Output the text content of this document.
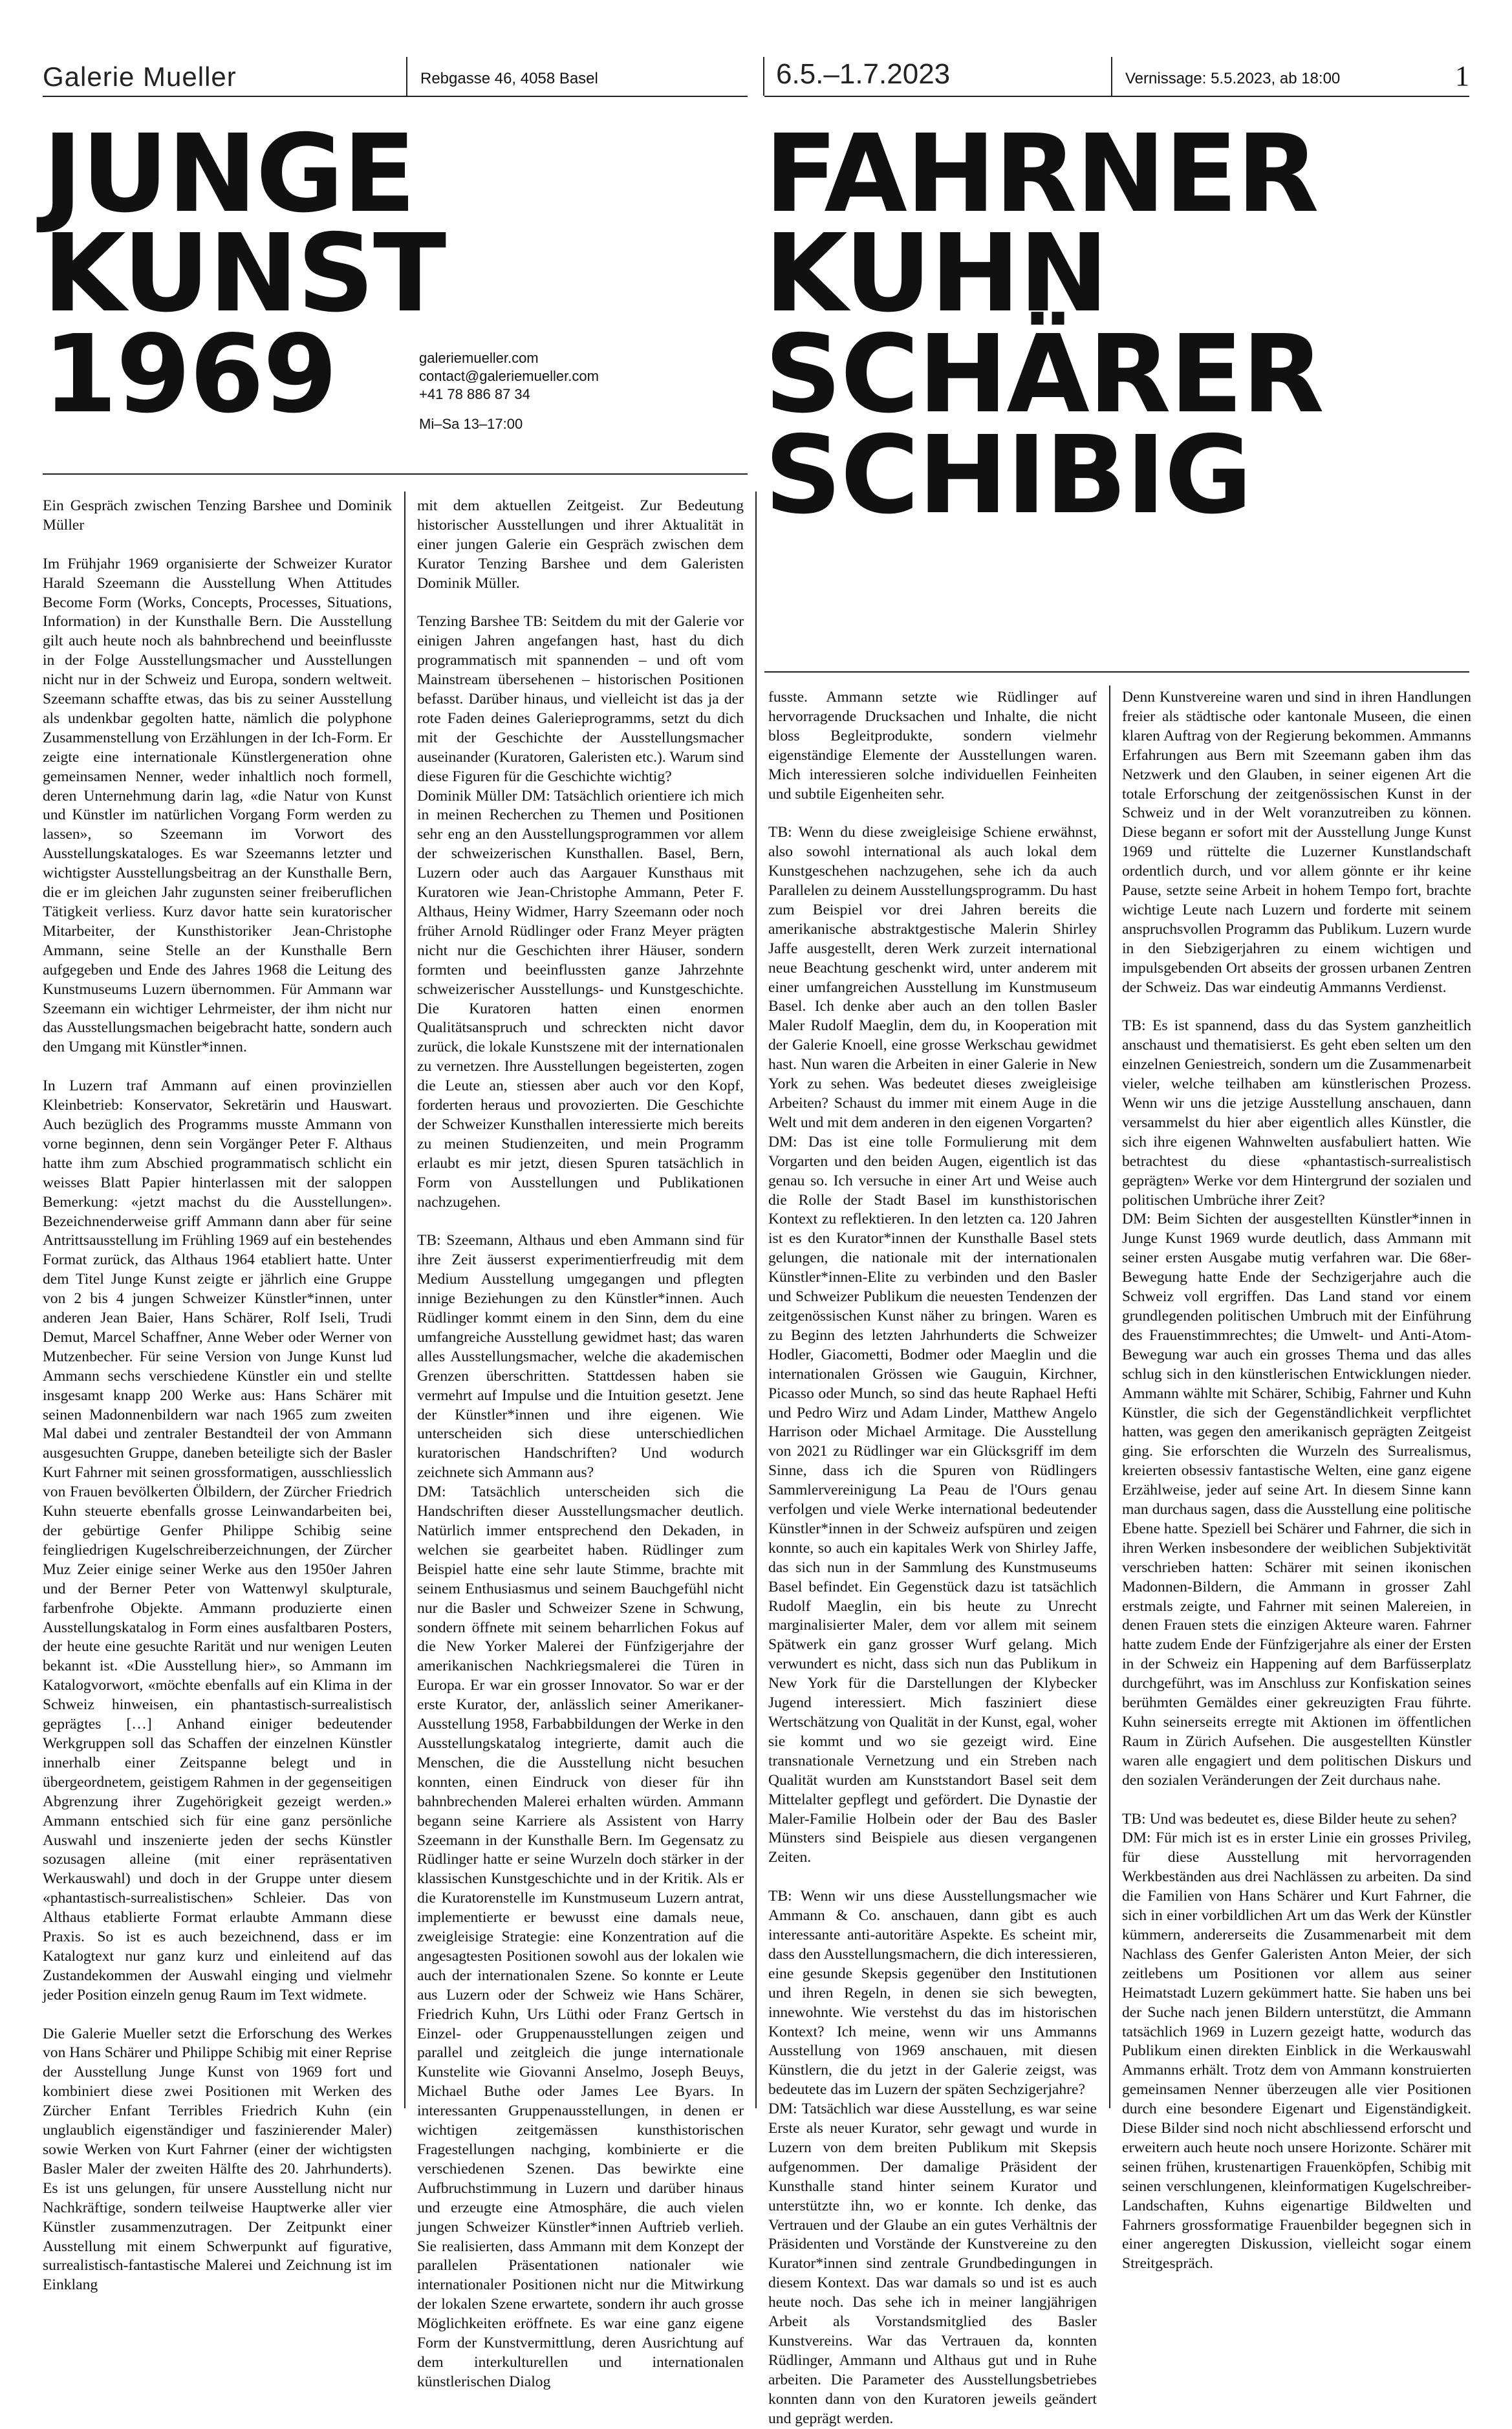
Galerie Mueller	Rebgasse 46, 4058 Basel	6.5.–1.7.2023	Vernissage: 5.5.2023, ab 18:00	1
JUNGE
KUNST
1969	galeriemueller.com
contact@galeriemueller.com
+41 78 886 87 34
Mi–Sa 13–17:00
FAHRNER
KUHN
SCHÄRER
SCHIBIG

Ein Gespräch zwischen Tenzing Barshee und Dominik Müller

Im Frühjahr 1969 organisierte der Schweizer Kurator Harald Szeemann die Ausstellung When Attitudes Become Form (Works, Concepts, Processes, Situations, Information) in der Kunsthalle Bern. Die Ausstellung gilt auch heute noch als bahnbrechend und beeinflusste in der Folge Ausstellungsmacher und Ausstellungen nicht nur in der Schweiz und Europa, sondern weltweit. Szeemann schaffte etwas, das bis zu seiner Ausstellung als undenkbar gegolten hatte, nämlich die polyphone Zusammenstellung von Erzählungen in der Ich-Form. Er zeigte eine internationale Künstlergeneration ohne gemeinsamen Nenner, weder inhaltlich noch formell, deren Unternehmung darin lag, «die Natur von Kunst und Künstler im natürlichen Vorgang Form werden zu lassen», so Szeemann im Vorwort des Ausstellungskataloges. Es war Szeemanns letzter und wichtigster Ausstellungsbeitrag an der Kunsthalle Bern, die er im gleichen Jahr zugunsten seiner freiberuflichen Tätigkeit verliess. Kurz davor hatte sein kuratorischer Mitarbeiter, der Kunsthistoriker Jean-Christophe Ammann, seine Stelle an der Kunsthalle Bern aufgegeben und Ende des Jahres 1968 die Leitung des Kunstmuseums Luzern übernommen. Für Ammann war Szeemann ein wichtiger Lehrmeister, der ihm nicht nur das Ausstellungsmachen beigebracht hatte, sondern auch den Umgang mit Künstler*innen.

In Luzern traf Ammann auf einen provinziellen Kleinbetrieb: Konservator, Sekretärin und Hauswart. Auch bezüglich des Programms musste Ammann von vorne beginnen, denn sein Vorgänger Peter F. Althaus hatte ihm zum Abschied programmatisch schlicht ein weisses Blatt Papier hinterlassen mit der saloppen Bemerkung: «jetzt machst du die Ausstellungen». Bezeichnenderweise griff Ammann dann aber für seine Antrittsausstellung im Frühling 1969 auf ein bestehendes Format zurück, das Althaus 1964 etabliert hatte. Unter dem Titel Junge Kunst zeigte er jährlich eine Gruppe von 2 bis 4 jungen Schweizer Künstler*innen, unter anderen Jean Baier, Hans Schärer, Rolf Iseli, Trudi Demut, Marcel Schaffner, Anne Weber oder Werner von Mutzenbecher. Für seine Version von Junge Kunst lud Ammann sechs verschiedene Künstler ein und stellte insgesamt knapp 200 Werke aus: Hans Schärer mit seinen Madonnenbildern war nach 1965 zum zweiten Mal dabei und zentraler Bestandteil der von Ammann ausgesuchten Gruppe, daneben beteiligte sich der Basler Kurt Fahrner mit seinen grossformatigen, ausschliesslich von Frauen bevölkerten Ölbildern, der Zürcher Friedrich Kuhn steuerte ebenfalls grosse Leinwandarbeiten bei, der gebürtige Genfer Philippe Schibig seine feingliedrigen Kugelschreiberzeichnungen, der Zürcher Muz Zeier einige seiner Werke aus den 1950er Jahren und der Berner Peter von Wattenwyl skulpturale, farbenfrohe Objekte. Ammann produzierte einen Ausstellungskatalog in Form eines ausfaltbaren Posters, der heute eine gesuchte Rarität und nur wenigen Leuten bekannt ist. «Die Ausstellung hier», so Ammann im Katalogvorwort, «möchte ebenfalls auf ein Klima in der Schweiz hinweisen, ein phantastisch-surrealistisch geprägtes […] Anhand einiger bedeutender Werkgruppen soll das Schaffen der einzelnen Künstler innerhalb einer Zeitspanne belegt und in übergeordnetem, geistigem Rahmen in der gegenseitigen Abgrenzung ihrer Zugehörigkeit gezeigt werden.» Ammann entschied sich für eine ganz persönliche Auswahl und inszenierte jeden der sechs Künstler sozusagen alleine (mit einer repräsentativen Werkauswahl) und doch in der Gruppe unter diesem «phantastisch-surrealistischen» Schleier. Das von Althaus etablierte Format erlaubte Ammann diese Praxis. So ist es auch bezeichnend, dass er im Katalogtext nur ganz kurz und einleitend auf das Zustandekommen der Auswahl einging und vielmehr jeder Position einzeln genug Raum im Text widmete.

Die Galerie Mueller setzt die Erforschung des Werkes von Hans Schärer und Philippe Schibig mit einer Reprise der Ausstellung Junge Kunst von 1969 fort und kombiniert diese zwei Positionen mit Werken des Zürcher Enfant Terribles Friedrich Kuhn (ein unglaublich eigenständiger und faszinierender Maler) sowie Werken von Kurt Fahrner (einer der wichtigsten Basler Maler der zweiten Hälfte des 20. Jahrhunderts). Es ist uns gelungen, für unsere Ausstellung nicht nur Nachkräftige, sondern teilweise Hauptwerke aller vier Künstler zusammenzutragen. Der Zeitpunkt einer Ausstellung mit einem Schwerpunkt auf figurative, surrealistisch-fantastische Malerei und Zeichnung ist im Einklang

mit dem aktuellen Zeitgeist. Zur Bedeutung historischer Ausstellungen und ihrer Aktualität in einer jungen Galerie ein Gespräch zwischen dem Kurator Tenzing Barshee und dem Galeristen Dominik Müller.

Tenzing Barshee TB: Seitdem du mit der Galerie vor einigen Jahren angefangen hast, hast du dich programmatisch mit spannenden – und oft vom Mainstream übersehenen – historischen Positionen befasst. Darüber hinaus, und vielleicht ist das ja der rote Faden deines Galerieprogramms, setzt du dich mit der Geschichte der Ausstellungsmacher auseinander (Kuratoren, Galeristen etc.). Warum sind diese Figuren für die Geschichte wichtig?

Dominik Müller DM: Tatsächlich orientiere ich mich in meinen Recherchen zu Themen und Positionen sehr eng an den Ausstellungsprogrammen vor allem der schweizerischen Kunsthallen. Basel, Bern, Luzern oder auch das Aargauer Kunsthaus mit Kuratoren wie Jean-Christophe Ammann, Peter F. Althaus, Heiny Widmer, Harry Szeemann oder noch früher Arnold Rüdlinger oder Franz Meyer prägten nicht nur die Geschichten ihrer Häuser, sondern formten und beeinflussten ganze Jahrzehnte schweizerischer Ausstellungs- und Kunstgeschichte. Die Kuratoren hatten einen enormen Qualitätsanspruch und schreckten nicht davor zurück, die lokale Kunstszene mit der internationalen zu vernetzen. Ihre Ausstellungen begeisterten, zogen die Leute an, stiessen aber auch vor den Kopf, forderten heraus und provozierten. Die Geschichte der Schweizer Kunsthallen interessierte mich bereits zu meinen Studienzeiten, und mein Programm erlaubt es mir jetzt, diesen Spuren tatsächlich in Form von Ausstellungen und Publikationen nachzugehen.

TB: Szeemann, Althaus und eben Ammann sind für ihre Zeit äusserst experimentierfreudig mit dem Medium Ausstellung umgegangen und pflegten innige Beziehungen zu den Künstler*innen. Auch Rüdlinger kommt einem in den Sinn, dem du eine umfangreiche Ausstellung gewidmet hast; das waren alles Ausstellungsmacher, welche die akademischen Grenzen überschritten. Stattdessen haben sie vermehrt auf Impulse und die Intuition gesetzt. Jene der Künstler*innen und ihre eigenen. Wie unterscheiden sich diese unterschiedlichen kuratorischen Handschriften? Und wodurch zeichnete sich Ammann aus?

DM: Tatsächlich unterscheiden sich die Handschriften dieser Ausstellungsmacher deutlich. Natürlich immer entsprechend den Dekaden, in welchen sie gearbeitet haben. Rüdlinger zum Beispiel hatte eine sehr laute Stimme, brachte mit seinem Enthusiasmus und seinem Bauchgefühl nicht nur die Basler und Schweizer Szene in Schwung, sondern öffnete mit seinem beharrlichen Fokus auf die New Yorker Malerei der Fünfzigerjahre der amerikanischen Nachkriegsmalerei die Türen in Europa. Er war ein grosser Innovator. So war er der erste Kurator, der, anlässlich seiner Amerikaner-Ausstellung 1958, Farbabbildungen der Werke in den Ausstellungskatalog integrierte, damit auch die Menschen, die die Ausstellung nicht besuchen konnten, einen Eindruck von dieser für ihn bahnbrechenden Malerei erhalten würden. Ammann begann seine Karriere als Assistent von Harry Szeemann in der Kunsthalle Bern. Im Gegensatz zu Rüdlinger hatte er seine Wurzeln doch stärker in der klassischen Kunstgeschichte und in der Kritik. Als er die Kuratorenstelle im Kunstmuseum Luzern antrat, implementierte er bewusst eine damals neue, zweigleisige Strategie: eine Konzentration auf die angesagtesten Positionen sowohl aus der lokalen wie auch der internationalen Szene. So konnte er Leute aus Luzern oder der Schweiz wie Hans Schärer, Friedrich Kuhn, Urs Lüthi oder Franz Gertsch in Einzel- oder Gruppenausstellungen zeigen und parallel und zeitgleich die junge internationale Kunstelite wie Giovanni Anselmo, Joseph Beuys, Michael Buthe oder James Lee Byars. In interessanten Gruppenausstellungen, in denen er wichtigen zeitgemässen kunsthistorischen Fragestellungen nachging, kombinierte er die verschiedenen Szenen. Das bewirkte eine Aufbruchstimmung in Luzern und darüber hinaus und erzeugte eine Atmosphäre, die auch vielen jungen Schweizer Künstler*innen Auftrieb verlieh. Sie realisierten, dass Ammann mit dem Konzept der parallelen Präsentationen nationaler wie internationaler Positionen nicht nur die Mitwirkung der lokalen Szene erwartete, sondern ihr auch grosse Möglichkeiten eröffnete. Es war eine ganz eigene Form der Kunstvermittlung, deren Ausrichtung auf dem interkulturellen und internationalen künstlerischen Dialog

fusste. Ammann setzte wie Rüdlinger auf hervorragende Drucksachen und Inhalte, die nicht bloss Begleitprodukte, sondern vielmehr eigenständige Elemente der Ausstellungen waren. Mich interessieren solche individuellen Feinheiten und subtile Eigenheiten sehr.

TB: Wenn du diese zweigleisige Schiene erwähnst, also sowohl international als auch lokal dem Kunstgeschehen nachzugehen, sehe ich da auch Parallelen zu deinem Ausstellungsprogramm. Du hast zum Beispiel vor drei Jahren bereits die amerikanische abstraktgestische Malerin Shirley Jaffe ausgestellt, deren Werk zurzeit international neue Beachtung geschenkt wird, unter anderem mit einer umfangreichen Ausstellung im Kunstmuseum Basel. Ich denke aber auch an den tollen Basler Maler Rudolf Maeglin, dem du, in Kooperation mit der Galerie Knoell, eine grosse Werkschau gewidmet hast. Nun waren die Arbeiten in einer Galerie in New York zu sehen. Was bedeutet dieses zweigleisige Arbeiten? Schaust du immer mit einem Auge in die Welt und mit dem anderen in den eigenen Vorgarten?

DM: Das ist eine tolle Formulierung mit dem Vorgarten und den beiden Augen, eigentlich ist das genau so. Ich versuche in einer Art und Weise auch die Rolle der Stadt Basel im kunsthistorischen Kontext zu reflektieren. In den letzten ca. 120 Jahren ist es den Kurator*innen der Kunsthalle Basel stets gelungen, die nationale mit der internationalen Künstler*innen-Elite zu verbinden und den Basler und Schweizer Publikum die neuesten Tendenzen der zeitgenössischen Kunst näher zu bringen. Waren es zu Beginn des letzten Jahrhunderts die Schweizer Hodler, Giacometti, Bodmer oder Maeglin und die internationalen Grössen wie Gauguin, Kirchner, Picasso oder Munch, so sind das heute Raphael Hefti und Pedro Wirz und Adam Linder, Matthew Angelo Harrison oder Michael Armitage. Die Ausstellung von 2021 zu Rüdlinger war ein Glücksgriff im dem Sinne, dass ich die Spuren von Rüdlingers Sammlervereinigung La Peau de l'Ours genau verfolgen und viele Werke international bedeutender Künstler*innen in der Schweiz aufspüren und zeigen konnte, so auch ein kapitales Werk von Shirley Jaffe, das sich nun in der Sammlung des Kunstmuseums Basel befindet. Ein Gegenstück dazu ist tatsächlich Rudolf Maeglin, ein bis heute zu Unrecht marginalisierter Maler, dem vor allem mit seinem Spätwerk ein ganz grosser Wurf gelang. Mich verwundert es nicht, dass sich nun das Publikum in New York für die Darstellungen der Klybecker Jugend interessiert. Mich fasziniert diese Wertschätzung von Qualität in der Kunst, egal, woher sie kommt und wo sie gezeigt wird. Eine transnationale Vernetzung und ein Streben nach Qualität wurden am Kunststandort Basel seit dem Mittelalter gepflegt und gefördert. Die Dynastie der Maler-Familie Holbein oder der Bau des Basler Münsters sind Beispiele aus diesen vergangenen Zeiten.

TB: Wenn wir uns diese Ausstellungsmacher wie Ammann & Co. anschauen, dann gibt es auch interessante anti-autoritäre Aspekte. Es scheint mir, dass den Ausstellungsmachern, die dich interessieren, eine gesunde Skepsis gegenüber den Institutionen und ihren Regeln, in denen sie sich bewegten, innewohnte. Wie verstehst du das im historischen Kontext? Ich meine, wenn wir uns Ammanns Ausstellung von 1969 anschauen, mit diesen Künstlern, die du jetzt in der Galerie zeigst, was bedeutete das im Luzern der späten Sechzigerjahre?

DM: Tatsächlich war diese Ausstellung, es war seine Erste als neuer Kurator, sehr gewagt und wurde in Luzern von dem breiten Publikum mit Skepsis aufgenommen. Der damalige Präsident der Kunsthalle stand hinter seinem Kurator und unterstützte ihn, wo er konnte. Ich denke, das Vertrauen und der Glaube an ein gutes Verhältnis der Präsidenten und Vorstände der Kunstvereine zu den Kurator*innen sind zentrale Grundbedingungen in diesem Kontext. Das war damals so und ist es auch heute noch. Das sehe ich in meiner langjährigen Arbeit als Vorstandsmitglied des Basler Kunstvereins. War das Vertrauen da, konnten Rüdlinger, Ammann und Althaus gut und in Ruhe arbeiten. Die Parameter des Ausstellungsbetriebes konnten dann von den Kuratoren jeweils geändert und geprägt werden.

Denn Kunstvereine waren und sind in ihren Handlungen freier als städtische oder kantonale Museen, die einen klaren Auftrag von der Regierung bekommen. Ammanns Erfahrungen aus Bern mit Szeemann gaben ihm das Netzwerk und den Glauben, in seiner eigenen Art die totale Erforschung der zeitgenössischen Kunst in der Schweiz und in der Welt voranzutreiben zu können. Diese begann er sofort mit der Ausstellung Junge Kunst 1969 und rüttelte die Luzerner Kunstlandschaft ordentlich durch, und vor allem gönnte er ihr keine Pause, setzte seine Arbeit in hohem Tempo fort, brachte wichtige Leute nach Luzern und forderte mit seinem anspruchsvollen Programm das Publikum. Luzern wurde in den Siebzigerjahren zu einem wichtigen und impulsgebenden Ort abseits der grossen urbanen Zentren der Schweiz. Das war eindeutig Ammanns Verdienst.

TB: Es ist spannend, dass du das System ganzheitlich anschaust und thematisierst. Es geht eben selten um den einzelnen Geniestreich, sondern um die Zusammenarbeit vieler, welche teilhaben am künstlerischen Prozess. Wenn wir uns die jetzige Ausstellung anschauen, dann versammelst du hier aber eigentlich alles Künstler, die sich ihre eigenen Wahnwelten ausfabuliert hatten. Wie betrachtest du diese «phantastisch-surrealistisch geprägten» Werke vor dem Hintergrund der sozialen und politischen Umbrüche ihrer Zeit?

DM: Beim Sichten der ausgestellten Künstler*innen in Junge Kunst 1969 wurde deutlich, dass Ammann mit seiner ersten Ausgabe mutig verfahren war. Die 68er-Bewegung hatte Ende der Sechzigerjahre auch die Schweiz voll ergriffen. Das Land stand vor einem grundlegenden politischen Umbruch mit der Einführung des Frauenstimmrechtes; die Umwelt- und Anti-Atom-Bewegung war auch ein grosses Thema und das alles schlug sich in den künstlerischen Entwicklungen nieder. Ammann wählte mit Schärer, Schibig, Fahrner und Kuhn Künstler, die sich der Gegenständlichkeit verpflichtet hatten, was gegen den amerikanisch geprägten Zeitgeist ging. Sie erforschten die Wurzeln des Surrealismus, kreierten obsessiv fantastische Welten, eine ganz eigene Erzählweise, jeder auf seine Art. In diesem Sinne kann man durchaus sagen, dass die Ausstellung eine politische Ebene hatte. Speziell bei Schärer und Fahrner, die sich in ihren Werken insbesondere der weiblichen Subjektivität verschrieben hatten: Schärer mit seinen ikonischen Madonnen-Bildern, die Ammann in grosser Zahl erstmals zeigte, und Fahrner mit seinen Malereien, in denen Frauen stets die einzigen Akteure waren. Fahrner hatte zudem Ende der Fünfzigerjahre als einer der Ersten in der Schweiz ein Happening auf dem Barfüsserplatz durchgeführt, was im Anschluss zur Konfiskation seines berühmten Gemäldes einer gekreuzigten Frau führte. Kuhn seinerseits erregte mit Aktionen im öffentlichen Raum in Zürich Aufsehen. Die ausgestellten Künstler waren alle engagiert und dem politischen Diskurs und den sozialen Veränderungen der Zeit durchaus nahe.

TB: Und was bedeutet es, diese Bilder heute zu sehen?

DM: Für mich ist es in erster Linie ein grosses Privileg, für diese Ausstellung mit hervorragenden Werkbeständen aus drei Nachlässen zu arbeiten. Da sind die Familien von Hans Schärer und Kurt Fahrner, die sich in einer vorbildlichen Art um das Werk der Künstler kümmern, andererseits die Zusammenarbeit mit dem Nachlass des Genfer Galeristen Anton Meier, der sich zeitlebens um Positionen vor allem aus seiner Heimatstadt Luzern gekümmert hatte. Sie haben uns bei der Suche nach jenen Bildern unterstützt, die Ammann tatsächlich 1969 in Luzern gezeigt hatte, wodurch das Publikum einen direkten Einblick in die Werkauswahl Ammanns erhält. Trotz dem von Ammann konstruierten gemeinsamen Nenner überzeugen alle vier Positionen durch eine besondere Eigenart und Eigenständigkeit. Diese Bilder sind noch nicht abschliessend erforscht und erweitern auch heute noch unsere Horizonte. Schärer mit seinen frühen, krustenartigen Frauenköpfen, Schibig mit seinen verschlungenen, kleinformatigen Kugelschreiber-Landschaften, Kuhns eigenartige Bildwelten und Fahrners grossformatige Frauenbilder begegnen sich in einer angeregten Diskussion, vielleicht sogar einem Streitgespräch.
